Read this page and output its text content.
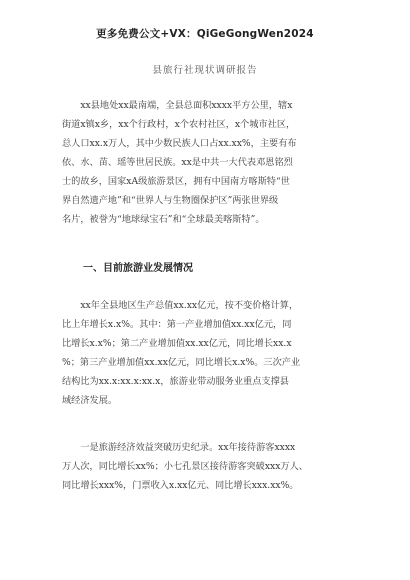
更多免费公文+VX：QiGeGongWen2024
县旅行社现状调研报告
　　xx县地处xx最南端，全县总面积xxxx平方公里，辖x
街道x镇x乡，xx个行政村，x个农村社区，x个城市社区，
总人口xx.x万人，其中少数民族人口占xx.xx%，主要有布
依、水、苗、瑶等世居民族。xx是中共一大代表邓恩铭烈
士的故乡，国家xA级旅游景区，拥有中国南方喀斯特“世
界自然遗产地”和“世界人与生物圈保护区”两张世界级
名片，被誉为“地球绿宝石”和“全球最美喀斯特”。
一、目前旅游业发展情况
　　xx年全县地区生产总值xx.xx亿元，按不变价格计算，
比上年增长x.x%。其中：第一产业增加值xx.xx亿元，同
比增长x.x%；第二产业增加值xx.xx亿元，同比增长xx.x
%；第三产业增加值xx.xx亿元，同比增长x.x%。三次产业
结构比为xx.x:xx.x:xx.x，旅游业带动服务业重点支撑县
域经济发展。
　　一是旅游经济效益突破历史纪录。xx年接待游客xxxx
万人次，同比增长xx%；小七孔景区接待游客突破xxx万人、
同比增长xxx%，门票收入x.xx亿元、同比增长xxx.xx%。
